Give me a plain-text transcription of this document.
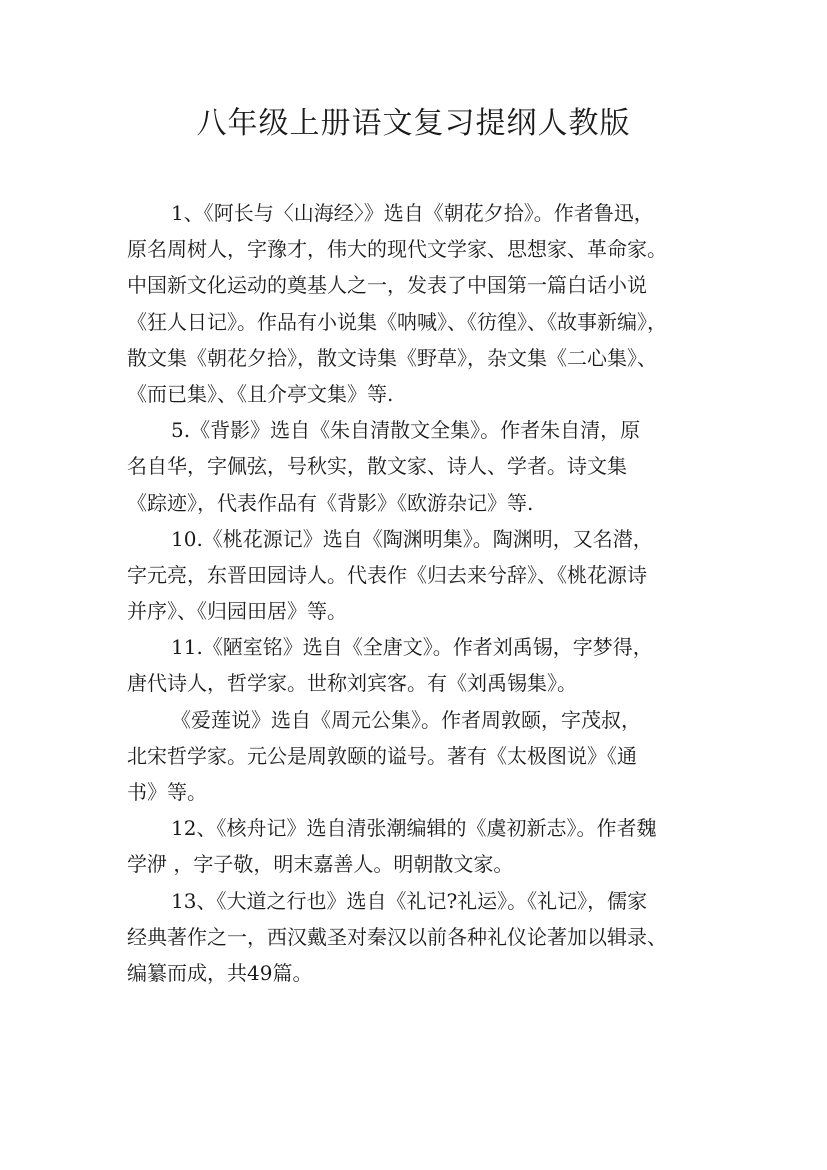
八年级上册语文复习提纲人教版
1、《阿长与〈山海经〉》选自《朝花夕拾》。作者鲁迅，
原名周树人，字豫才，伟大的现代文学家、思想家、革命家。
中国新文化运动的奠基人之一，发表了中国第一篇白话小说
《狂人日记》。作品有小说集《呐喊》、《彷徨》、《故事新编》，
散文集《朝花夕拾》，散文诗集《野草》，杂文集《二心集》、
《而已集》、《且介亭文集》等.
5.《背影》选自《朱自清散文全集》。作者朱自清，原
名自华，字佩弦，号秋实，散文家、诗人、学者。诗文集
《踪迹》，代表作品有《背影》《欧游杂记》等.
10.《桃花源记》选自《陶渊明集》。陶渊明，又名潜，
字元亮，东晋田园诗人。代表作《归去来兮辞》、《桃花源诗
并序》、《归园田居》等。
11.《陋室铭》选自《全唐文》。作者刘禹锡，字梦得，
唐代诗人，哲学家。世称刘宾客。有《刘禹锡集》。
《爱莲说》选自《周元公集》。作者周敦颐，字茂叔，
北宋哲学家。元公是周敦颐的谥号。著有《太极图说》《通
书》等。
12、《核舟记》选自清张潮编辑的《虞初新志》。作者魏
学洢 ，字子敬，明末嘉善人。明朝散文家。
13、《大道之行也》选自《礼记?礼运》。《礼记》，儒家
经典著作之一，西汉戴圣对秦汉以前各种礼仪论著加以辑录、
编纂而成，共49篇。
